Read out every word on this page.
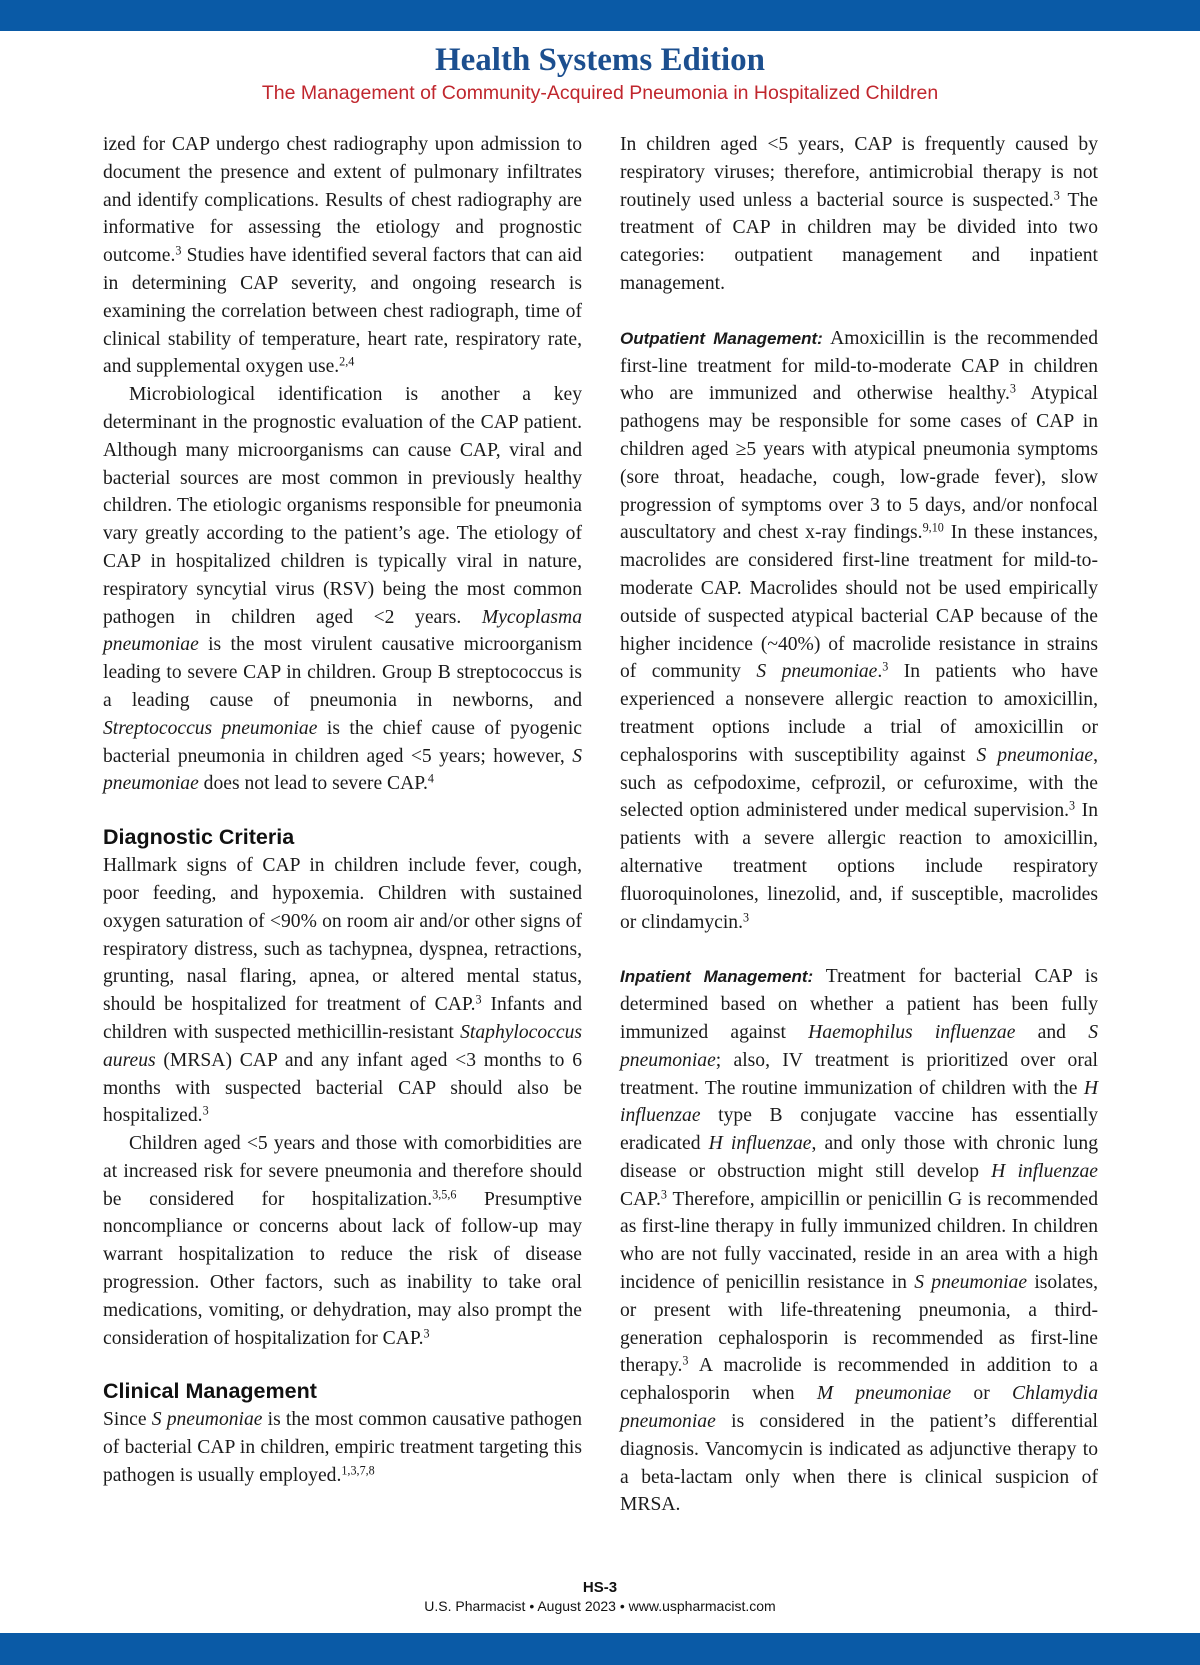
Health Systems Edition
The Management of Community-Acquired Pneumonia in Hospitalized Children

ized for CAP undergo chest radiography upon admission to document the presence and extent of pulmonary infiltrates and identify complications. Results of chest radiography are informative for assessing the etiology and prognostic outcome.$^3$ Studies have identified several factors that can aid in determining CAP severity, and ongoing research is examining the correlation between chest radiograph, time of clinical stability of temperature, heart rate, respiratory rate, and supplemental oxygen use.$^{2,4}$

Microbiological identification is another a key determinant in the prognostic evaluation of the CAP patient. Although many microorganisms can cause CAP, viral and bacterial sources are most common in previously healthy children. The etiologic organisms responsible for pneumonia vary greatly according to the patient’s age. The etiology of CAP in hospitalized children is typically viral in nature, respiratory syncytial virus (RSV) being the most common pathogen in children aged <2 years. Mycoplasma pneumoniae is the most virulent causative microorganism leading to severe CAP in children. Group B streptococcus is a leading cause of pneumonia in newborns, and Streptococcus pneumoniae is the chief cause of pyogenic bacterial pneumonia in children aged <5 years; however, S pneumoniae does not lead to severe CAP.$^4$

Diagnostic Criteria

Hallmark signs of CAP in children include fever, cough, poor feeding, and hypoxemia. Children with sustained oxygen saturation of <90% on room air and/or other signs of respiratory distress, such as tachypnea, dyspnea, retractions, grunting, nasal flaring, apnea, or altered mental status, should be hospitalized for treatment of CAP.$^3$ Infants and children with suspected methicillin-resistant Staphylococcus aureus (MRSA) CAP and any infant aged <3 months to 6 months with suspected bacterial CAP should also be hospitalized.$^3$

Children aged <5 years and those with comorbidities are at increased risk for severe pneumonia and therefore should be considered for hospitalization.$^{3,5,6}$ Presumptive noncompliance or concerns about lack of follow-up may warrant hospitalization to reduce the risk of disease progression. Other factors, such as inability to take oral medications, vomiting, or dehydration, may also prompt the consideration of hospitalization for CAP.$^3$

Clinical Management

Since S pneumoniae is the most common causative pathogen of bacterial CAP in children, empiric treatment targeting this pathogen is usually employed.$^{1,3,7,8}$

In children aged <5 years, CAP is frequently caused by respiratory viruses; therefore, antimicrobial therapy is not routinely used unless a bacterial source is suspected.$^3$ The treatment of CAP in children may be divided into two categories: outpatient management and inpatient management.

Outpatient Management: Amoxicillin is the recommended first-line treatment for mild-to-moderate CAP in children who are immunized and otherwise healthy.$^3$ Atypical pathogens may be responsible for some cases of CAP in children aged ≥5 years with atypical pneumonia symptoms (sore throat, headache, cough, low-grade fever), slow progression of symptoms over 3 to 5 days, and/or nonfocal auscultatory and chest x-ray findings.$^{9,10}$ In these instances, macrolides are considered first-line treatment for mild-to-moderate CAP. Macrolides should not be used empirically outside of suspected atypical bacterial CAP because of the higher incidence (~40%) of macrolide resistance in strains of community S pneumoniae.$^3$ In patients who have experienced a nonsevere allergic reaction to amoxicillin, treatment options include a trial of amoxicillin or cephalosporins with susceptibility against S pneumoniae, such as cefpodoxime, cefprozil, or cefuroxime, with the selected option administered under medical supervision.$^3$ In patients with a severe allergic reaction to amoxicillin, alternative treatment options include respiratory fluoroquinolones, linezolid, and, if susceptible, macrolides or clindamycin.$^3$

Inpatient Management: Treatment for bacterial CAP is determined based on whether a patient has been fully immunized against Haemophilus influenzae and S pneumoniae; also, IV treatment is prioritized over oral treatment. The routine immunization of children with the H influenzae type B conjugate vaccine has essentially eradicated H influenzae, and only those with chronic lung disease or obstruction might still develop H influenzae CAP.$^3$ Therefore, ampicillin or penicillin G is recommended as first-line therapy in fully immunized children. In children who are not fully vaccinated, reside in an area with a high incidence of penicillin resistance in S pneumoniae isolates, or present with life-threatening pneumonia, a third-generation cephalosporin is recommended as first-line therapy.$^3$ A macrolide is recommended in addition to a cephalosporin when M pneumoniae or Chlamydia pneumoniae is considered in the patient’s differential diagnosis. Vancomycin is indicated as adjunctive therapy to a beta-lactam only when there is clinical suspicion of MRSA.

HS-3
U.S. Pharmacist • August 2023 • www.uspharmacist.com
